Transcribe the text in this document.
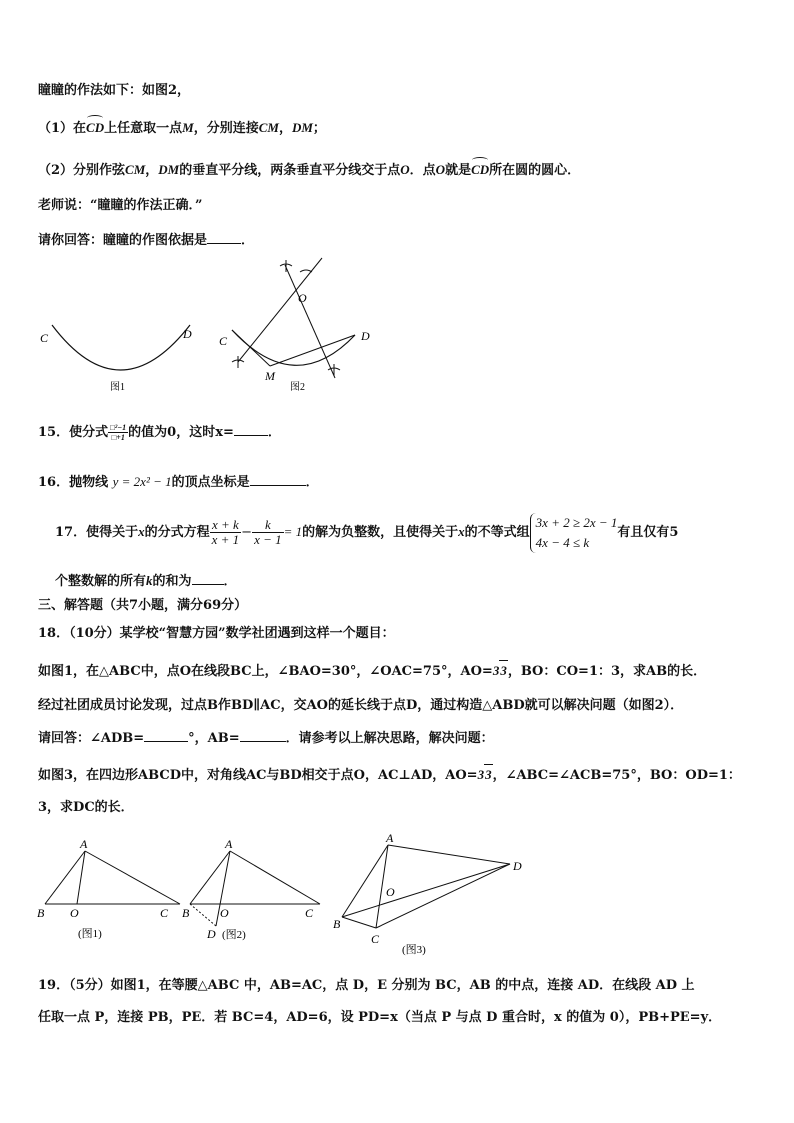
瞳瞳的作法如下：如图2，
（1）在CD上任意取一点M，分别连接CM，DM；
（2）分别作弦CM，DM的垂直平分线，两条垂直平分线交于点O．点O就是CD所在圆的圆心．
老师说：“瞳瞳的作法正确．”
请你回答：瞳瞳的作图依据是	．
C	D
图1
O
C	D
M
图2
15．使分式 $\frac{\text{□²−1}}{□+1}$ 的值为0，这时x=	．
16．抛物线 y = 2x² − 1的顶点坐标是	．
17．使得关于x的分式方程 $\frac{x + k}{x + 1} - \frac{k}{x - 1} = 1$的解为负整数，且使得关于x的不等式组
3x + 2 ≥ 2x − 1
4x − 4 ≤ k
有且仅有5
个整数解的所有k的和为 ．
三、解答题（共7小题，满分69分）
18．（10分）某学校“智慧方园”数学社团遇到这样一个题目：
如图1，在△ABC中，点O在线段BC上，∠BAO=30°，∠OAC=75°，AO=33，BO：CO=1：3，求AB的长．
经过社团成员讨论发现，过点B作BD∥AC，交AO的延长线于点D，通过构造△ABD就可以解决问题（如图2）．
请回答：∠ADB=	°，AB=	．请参考以上解决思路，解决问题：
如图3，在四边形ABCD中，对角线AC与BD相交于点O，AC⊥AD，AO=33，∠ABC=∠ACB=75°，BO：OD=1：
3，求DC的长．
A
B O	C
(图1)
A
B	O	C
D (图2)
A
B
O
C
D
(图3)
19．（5分）如图1，在等腰△ABC 中，AB=AC，点 D，E 分别为 BC，AB 的中点，连接 AD．在线段 AD 上
任取一点 P，连接 PB，PE．若 BC=4，AD=6，设 PD=x（当点 P 与点 D 重合时，x 的值为 0），PB+PE=y．
